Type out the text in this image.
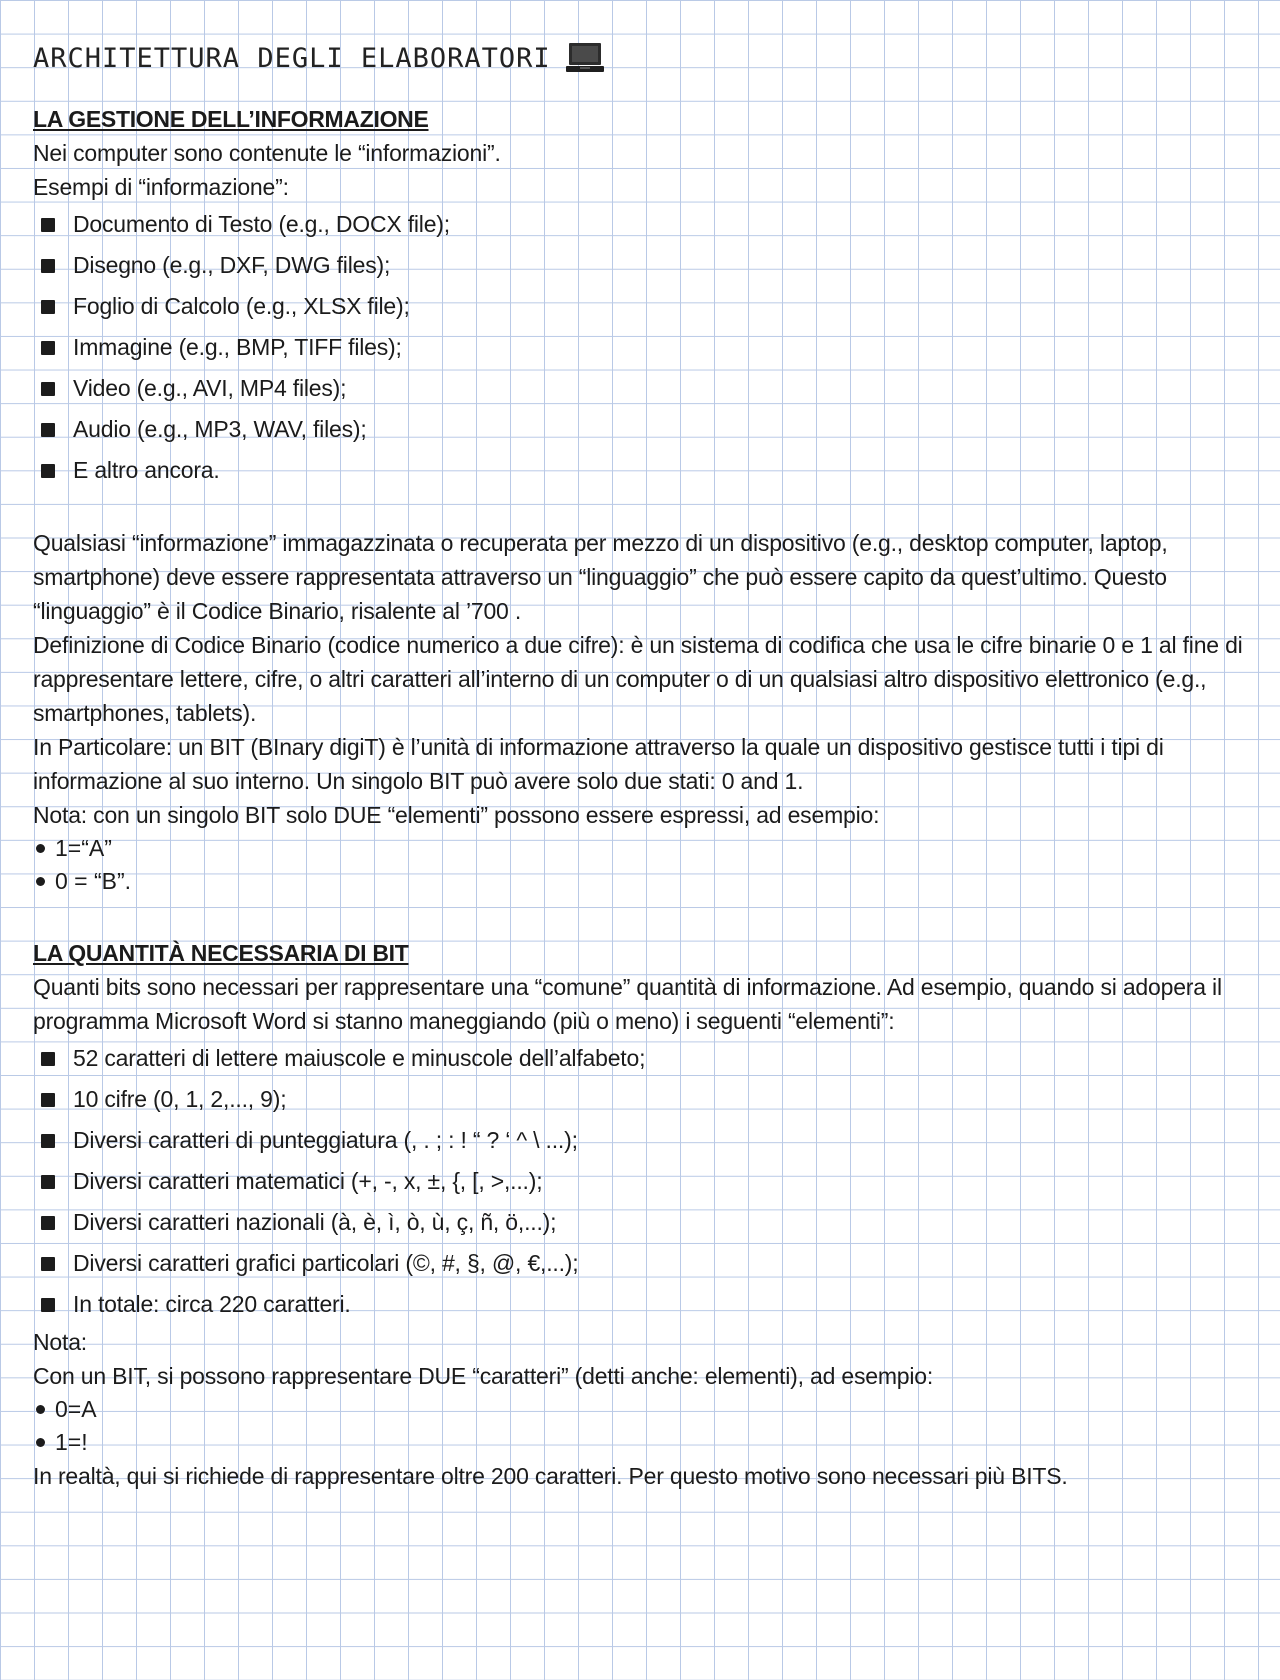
ARCHITETTURA DEGLI ELABORATORI
LA GESTIONE DELL’INFORMAZIONE

Nei computer sono contenute le “informazioni”.

Esempi di “informazione”:

Documento di Testo (e.g., DOCX file);
Disegno (e.g., DXF, DWG files);
Foglio di Calcolo (e.g., XLSX file);
Immagine (e.g., BMP, TIFF files);
Video (e.g., AVI, MP4 files);
Audio (e.g., MP3, WAV, files);
E altro ancora.

Qualsiasi “informazione” immagazzinata o recuperata per mezzo di un dispositivo (e.g., desktop computer, laptop, smartphone) deve essere rappresentata attraverso un “linguaggio” che può essere capito da quest’ultimo. Questo “linguaggio” è il Codice Binario, risalente al ’700 .

Definizione di Codice Binario (codice numerico a due cifre): è un sistema di codifica che usa le cifre binarie 0 e 1 al fine di rappresentare lettere, cifre, o altri caratteri all’interno di un computer o di un qualsiasi altro dispositivo elettronico (e.g., smartphones, tablets).

In Particolare: un BIT (BInary digiT) è l’unità di informazione attraverso la quale un dispositivo gestisce tutti i tipi di informazione al suo interno. Un singolo BIT può avere solo due stati: 0 and 1.

Nota: con un singolo BIT solo DUE “elementi” possono essere espressi, ad esempio:

1=“A”
0 = “B”.
LA QUANTITÀ NECESSARIA DI BIT

Quanti bits sono necessari per rappresentare una “comune” quantità di informazione. Ad esempio, quando si adopera il programma Microsoft Word si stanno maneggiando (più o meno) i seguenti “elementi”:

52 caratteri di lettere maiuscole e minuscole dell’alfabeto;
10 cifre (0, 1, 2,..., 9);
Diversi caratteri di punteggiatura (, . ; : ! “ ? ‘ ^ \ ...);
Diversi caratteri matematici (+, -, x, ±, {, [, >,...);
Diversi caratteri nazionali (à, è, ì, ò, ù, ç, ñ, ö,...);
Diversi caratteri grafici particolari (©, #, §, @, €,...);
In totale: circa 220 caratteri.

Nota:

Con un BIT, si possono rappresentare DUE “caratteri” (detti anche: elementi), ad esempio:

0=A
1=!

In realtà, qui si richiede di rappresentare oltre 200 caratteri. Per questo motivo sono necessari più BITS.
